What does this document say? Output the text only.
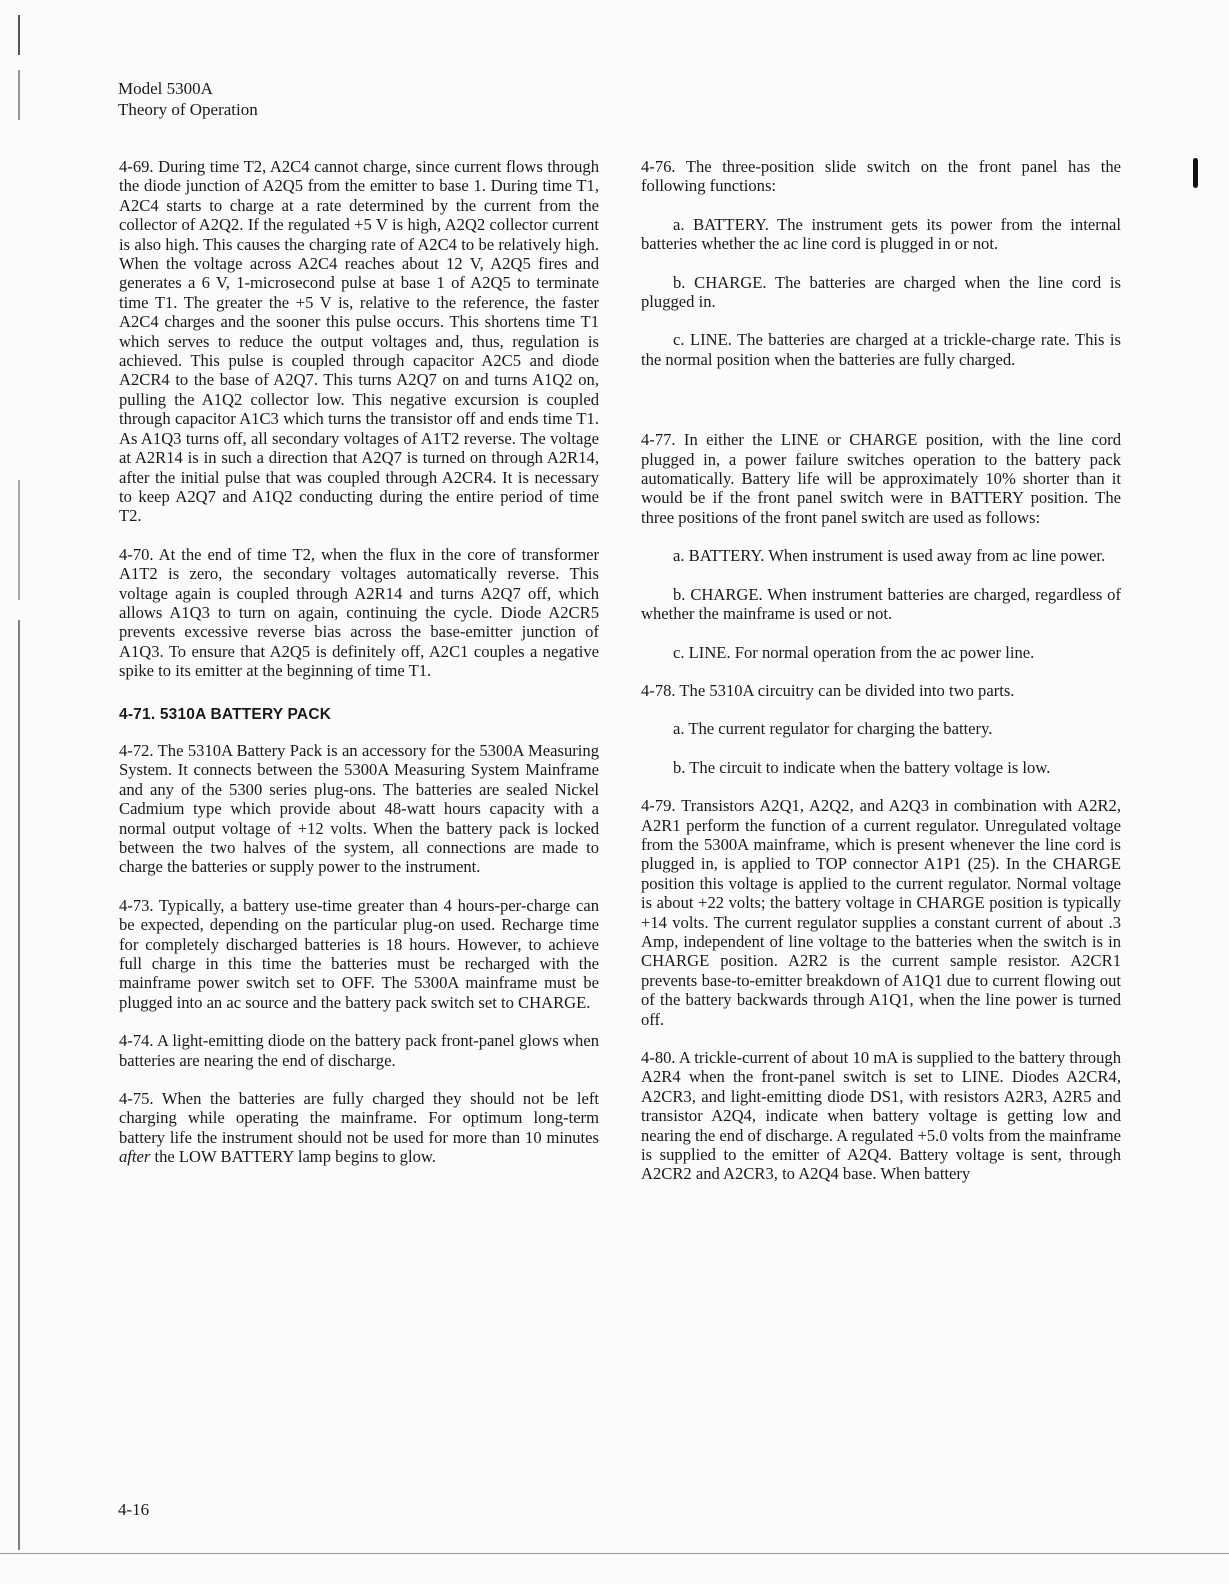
Model 5300A
Theory of Operation

4-69. During time T2, A2C4 cannot charge, since current flows through the diode junction of A2Q5 from the emitter to base 1. During time T1, A2C4 starts to charge at a rate determined by the current from the collector of A2Q2. If the regulated +5 V is high, A2Q2 collector current is also high. This causes the charging rate of A2C4 to be relatively high. When the voltage across A2C4 reaches about 12 V, A2Q5 fires and generates a 6 V, 1-microsecond pulse at base 1 of A2Q5 to terminate time T1. The greater the +5 V is, relative to the reference, the faster A2C4 charges and the sooner this pulse occurs. This shortens time T1 which serves to reduce the output voltages and, thus, regulation is achieved. This pulse is coupled through capacitor A2C5 and diode A2CR4 to the base of A2Q7. This turns A2Q7 on and turns A1Q2 on, pulling the A1Q2 collector low. This negative excursion is coupled through capacitor A1C3 which turns the transistor off and ends time T1. As A1Q3 turns off, all secondary voltages of A1T2 reverse. The voltage at A2R14 is in such a direction that A2Q7 is turned on through A2R14, after the initial pulse that was coupled through A2CR4. It is necessary to keep A2Q7 and A1Q2 conducting during the entire period of time T2.

4-70. At the end of time T2, when the flux in the core of transformer A1T2 is zero, the secondary voltages automatically reverse. This voltage again is coupled through A2R14 and turns A2Q7 off, which allows A1Q3 to turn on again, continuing the cycle. Diode A2CR5 prevents excessive reverse bias across the base-emitter junction of A1Q3. To ensure that A2Q5 is definitely off, A2C1 couples a negative spike to its emitter at the beginning of time T1.

4-71. 5310A BATTERY PACK

4-72. The 5310A Battery Pack is an accessory for the 5300A Measuring System. It connects between the 5300A Measuring System Mainframe and any of the 5300 series plug-ons. The batteries are sealed Nickel Cadmium type which provide about 48-watt hours capacity with a normal output voltage of +12 volts. When the battery pack is locked between the two halves of the system, all connections are made to charge the batteries or supply power to the instrument.

4-73. Typically, a battery use-time greater than 4 hours-per-charge can be expected, depending on the particular plug-on used. Recharge time for completely discharged batteries is 18 hours. However, to achieve full charge in this time the batteries must be recharged with the mainframe power switch set to OFF. The 5300A mainframe must be plugged into an ac source and the battery pack switch set to CHARGE.

4-74. A light-emitting diode on the battery pack front-panel glows when batteries are nearing the end of discharge.

4-75. When the batteries are fully charged they should not be left charging while operating the mainframe. For optimum long-term battery life the instrument should not be used for more than 10 minutes after the LOW BATTERY lamp begins to glow.

4-76. The three-position slide switch on the front panel has the following functions:

a. BATTERY. The instrument gets its power from the internal batteries whether the ac line cord is plugged in or not.

b. CHARGE. The batteries are charged when the line cord is plugged in.

c. LINE. The batteries are charged at a trickle-charge rate. This is the normal position when the batteries are fully charged.

4-77. In either the LINE or CHARGE position, with the line cord plugged in, a power failure switches operation to the battery pack automatically. Battery life will be approximately 10% shorter than it would be if the front panel switch were in BATTERY position. The three positions of the front panel switch are used as follows:

a. BATTERY. When instrument is used away from ac line power.

b. CHARGE. When instrument batteries are charged, regardless of whether the mainframe is used or not.

c. LINE. For normal operation from the ac power line.

4-78. The 5310A circuitry can be divided into two parts.

a. The current regulator for charging the battery.

b. The circuit to indicate when the battery voltage is low.

4-79. Transistors A2Q1, A2Q2, and A2Q3 in combination with A2R2, A2R1 perform the function of a current regulator. Unregulated voltage from the 5300A mainframe, which is present whenever the line cord is plugged in, is applied to TOP connector A1P1 (25). In the CHARGE position this voltage is applied to the current regulator. Normal voltage is about +22 volts; the battery voltage in CHARGE position is typically +14 volts. The current regulator supplies a constant current of about .3 Amp, independent of line voltage to the batteries when the switch is in CHARGE position. A2R2 is the current sample resistor. A2CR1 prevents base-to-emitter breakdown of A1Q1 due to current flowing out of the battery backwards through A1Q1, when the line power is turned off.

4-80. A trickle-current of about 10 mA is supplied to the battery through A2R4 when the front-panel switch is set to LINE. Diodes A2CR4, A2CR3, and light-emitting diode DS1, with resistors A2R3, A2R5 and transistor A2Q4, indicate when battery voltage is getting low and nearing the end of discharge. A regulated +5.0 volts from the mainframe is supplied to the emitter of A2Q4. Battery voltage is sent, through A2CR2 and A2CR3, to A2Q4 base. When battery

4-16
